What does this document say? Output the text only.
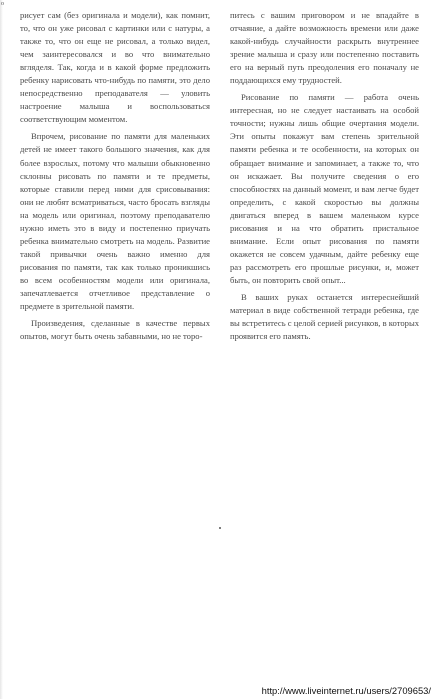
o

рисует сам (без оригинала и модели), как помнит, то, что он уже рисовал с картинки или с натуры, а также то, что он еще не рисовал, а только видел, чем заинтересовался и во что внимательно вгляделя. Так, когда и в какой форме предложить ребенку нарисовать что-нибудь по памяти, это дело непосредственно преподавателя — уловить настроение малыша и воспользоваться соответствующим моментом.

Впрочем, рисование по памяти для маленьких детей не имеет такого большого значения, как для более взрослых, потому что малыши обыкновенно склонны рисовать по памяти и те предметы, которые ставили перед ними для срисовывания: они не любят всматриваться, часто бросать взгляды на модель или оригинал, поэтому преподавателю нужно иметь это в виду и постепенно приучать ребенка внимательно смотреть на модель. Развитие такой привычки очень важно именно для рисования по памяти, так как только проникшись во всем особенностям модели или оригинала, запечатлевается отчетливое представление о предмете в зрительной памяти.

Произведения, сделанные в качестве первых опытов, могут быть очень забавными, но не торо-

питесь с вашим приговором и не впадайте в отчаяние, а дайте возможность времени или даже какой-нибудь случайности раскрыть внутреннее зрение малыша и сразу или постепенно поставить его на верный путь преодоления его поначалу не поддающихся ему трудностей.

Рисование по памяти — работа очень интересная, но не следует настаивать на особой точности; нужны лишь общие очертания модели. Эти опыты покажут вам степень зрительной памяти ребенка и те особенности, на которых он обращает внимание и запоминает, а также то, что он искажает. Вы получите сведения о его способностях на данный момент, и вам легче будет определить, с какой скоростью вы должны двигаться вперед в вашем маленьком курсе рисования и на что обратить пристальное внимание. Если опыт рисования по памяти окажется не совсем удачным, дайте ребенку еще раз рассмотреть его прошлые рисунки, и, может быть, он повторить свой опыт...

В ваших руках останется интереснейший материал в виде собственной тетради ребенка, где вы встретитесь с целой серией рисунков, в которых проявится его память.

http://www.liveinternet.ru/users/2709653/
